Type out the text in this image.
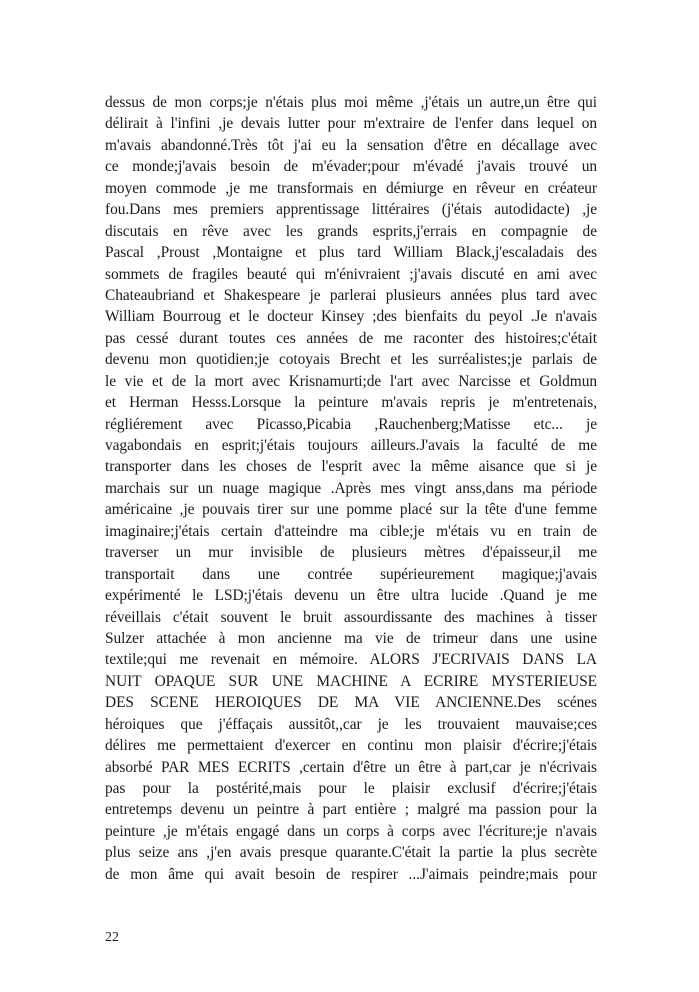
dessus de mon corps;je n'étais plus moi même ,j'étais un autre,un être qui
délirait à l'infini ,je devais lutter pour m'extraire de l'enfer dans lequel on
m'avais abandonné.Très tôt j'ai eu la sensation d'être en décallage avec
ce monde;j'avais besoin de m'évader;pour m'évadé j'avais trouvé un
moyen commode ,je me transformais en démiurge en rêveur en créateur
fou.Dans mes premiers apprentissage littéraires (j'étais autodidacte) ,je
discutais en rêve avec les grands esprits,j'errais en compagnie de
Pascal ,Proust ,Montaigne et plus tard William Black,j'escaladais des
sommets de fragiles beauté qui m'énivraient ;j'avais discuté en ami avec
Chateaubriand et Shakespeare je parlerai plusieurs années plus tard avec
William Bourroug et le docteur Kinsey ;des bienfaits du peyol .Je n'avais
pas cessé durant toutes ces années de me raconter des histoires;c'était
devenu mon quotidien;je cotoyais Brecht et les surréalistes;je parlais de
le vie et de la mort avec Krisnamurti;de l'art avec Narcisse et Goldmun
et Herman Hesss.Lorsque la peinture m'avais repris je m'entretenais,
régliérement avec Picasso,Picabia ,Rauchenberg;Matisse etc... je
vagabondais en esprit;j'étais toujours ailleurs.J'avais la faculté de me
transporter dans les choses de l'esprit avec la même aisance que si je
marchais sur un nuage magique .Après mes vingt anss,dans ma période
américaine ,je pouvais tirer sur une pomme placé sur la tête d'une femme
imaginaire;j'étais certain d'atteindre ma cible;je m'étais vu en train de
traverser un mur invisible de plusieurs mètres d'épaisseur,il me
transportait dans une contrée supérieurement magique;j'avais
expérimenté le LSD;j'étais devenu un être ultra lucide .Quand je me
réveillais c'était souvent le bruit assourdissante des machines à tisser
Sulzer attachée à mon ancienne ma vie de trimeur dans une usine
textile;qui me revenait en mémoire. ALORS J'ECRIVAIS DANS LA
NUIT OPAQUE SUR UNE MACHINE A ECRIRE MYSTERIEUSE
DES SCENE HEROIQUES DE MA VIE ANCIENNE.Des scénes
héroiques que j'éffaçais aussitôt,,car je les trouvaient mauvaise;ces
délires me permettaient d'exercer en continu mon plaisir d'écrire;j'étais
absorbé PAR MES ECRITS ,certain d'être un être à part,car je n'écrivais
pas pour la postérité,mais pour le plaisir exclusif d'écrire;j'étais
entretemps devenu un peintre à part entière ; malgré ma passion pour la
peinture ,je m'étais engagé dans un corps à corps avec l'écriture;je n'avais
plus seize ans ,j'en avais presque quarante.C'était la partie la plus secrète
de mon âme qui avait besoin de respirer ...J'aimais peindre;mais pour
22
